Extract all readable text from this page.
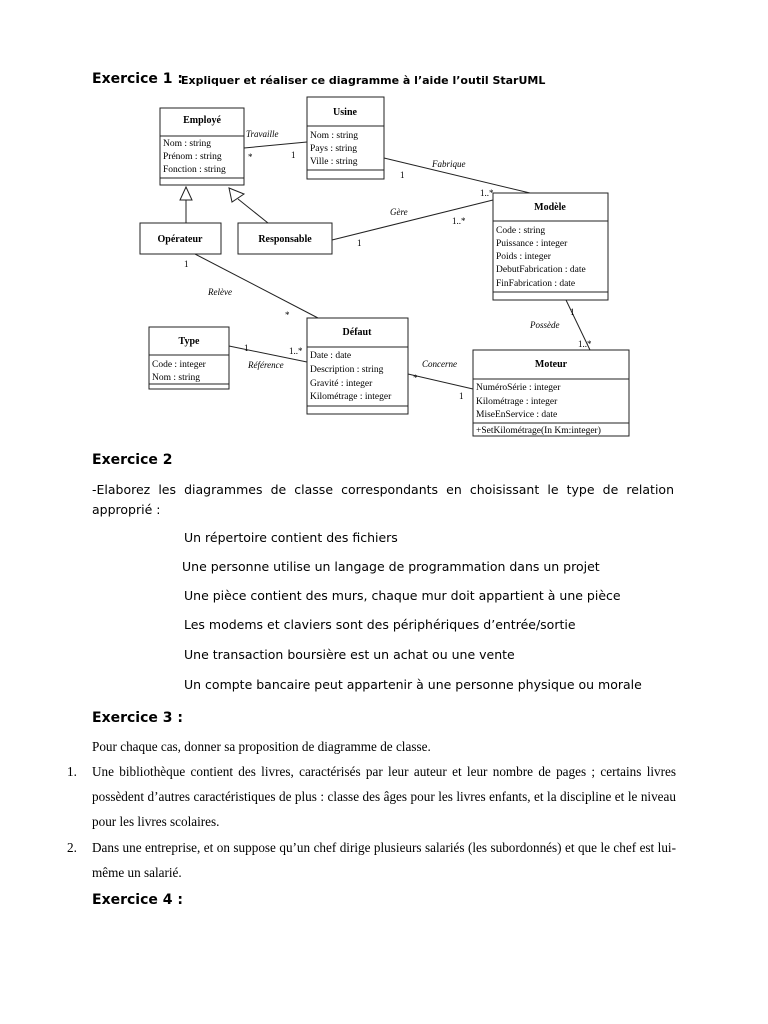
Exercice 1 :
Expliquer et réaliser ce diagramme à l’aide l’outil StarUML
Employé
Usine
Modèle
Opérateur	Responsable
Type
Défaut
Moteur
Nom : string
Prénom : string
Fonction : string
Nom : string
Pays : string
Ville : string
Code : string
Puissance : integer
Poids : integer
DebutFabrication : date
FinFabrication : date
Code : integer
Nom : string
Date : date
Description : string
Gravité : integer
Kilométrage : integer
NuméroSérie : integer
Kilométrage : integer
MiseEnService : date
+SetKilométrage(In Km:integer)
Travaille
Fabrique
Gère
Relève
Référence	Concerne
Possède
*	1
1
1..*
1
1..*
1
*
1	1..*
*
1
1
1..*
Exercice 2
-Elaborez les diagrammes de classe correspondants en choisissant le type de relation approprié :
Un répertoire contient des fichiers
Une personne utilise un langage de programmation dans un projet
Une pièce contient des murs, chaque mur doit appartient à une pièce
Les modems et claviers sont des périphériques d’entrée/sortie
Une transaction boursière est un achat ou une vente
Un compte bancaire peut appartenir à une personne physique ou morale
Exercice 3 :
Pour chaque cas, donner sa proposition de diagramme de classe.
1. Une bibliothèque contient des livres, caractérisés par leur auteur et leur nombre de pages ; certains livres possèdent d’autres caractéristiques de plus : classe des âges pour les livres enfants, et la discipline et le niveau pour les livres scolaires.
2. Dans une entreprise, et on suppose qu’un chef dirige plusieurs salariés (les subordonnés) et que le chef est lui-même un salarié.
Exercice 4 :
